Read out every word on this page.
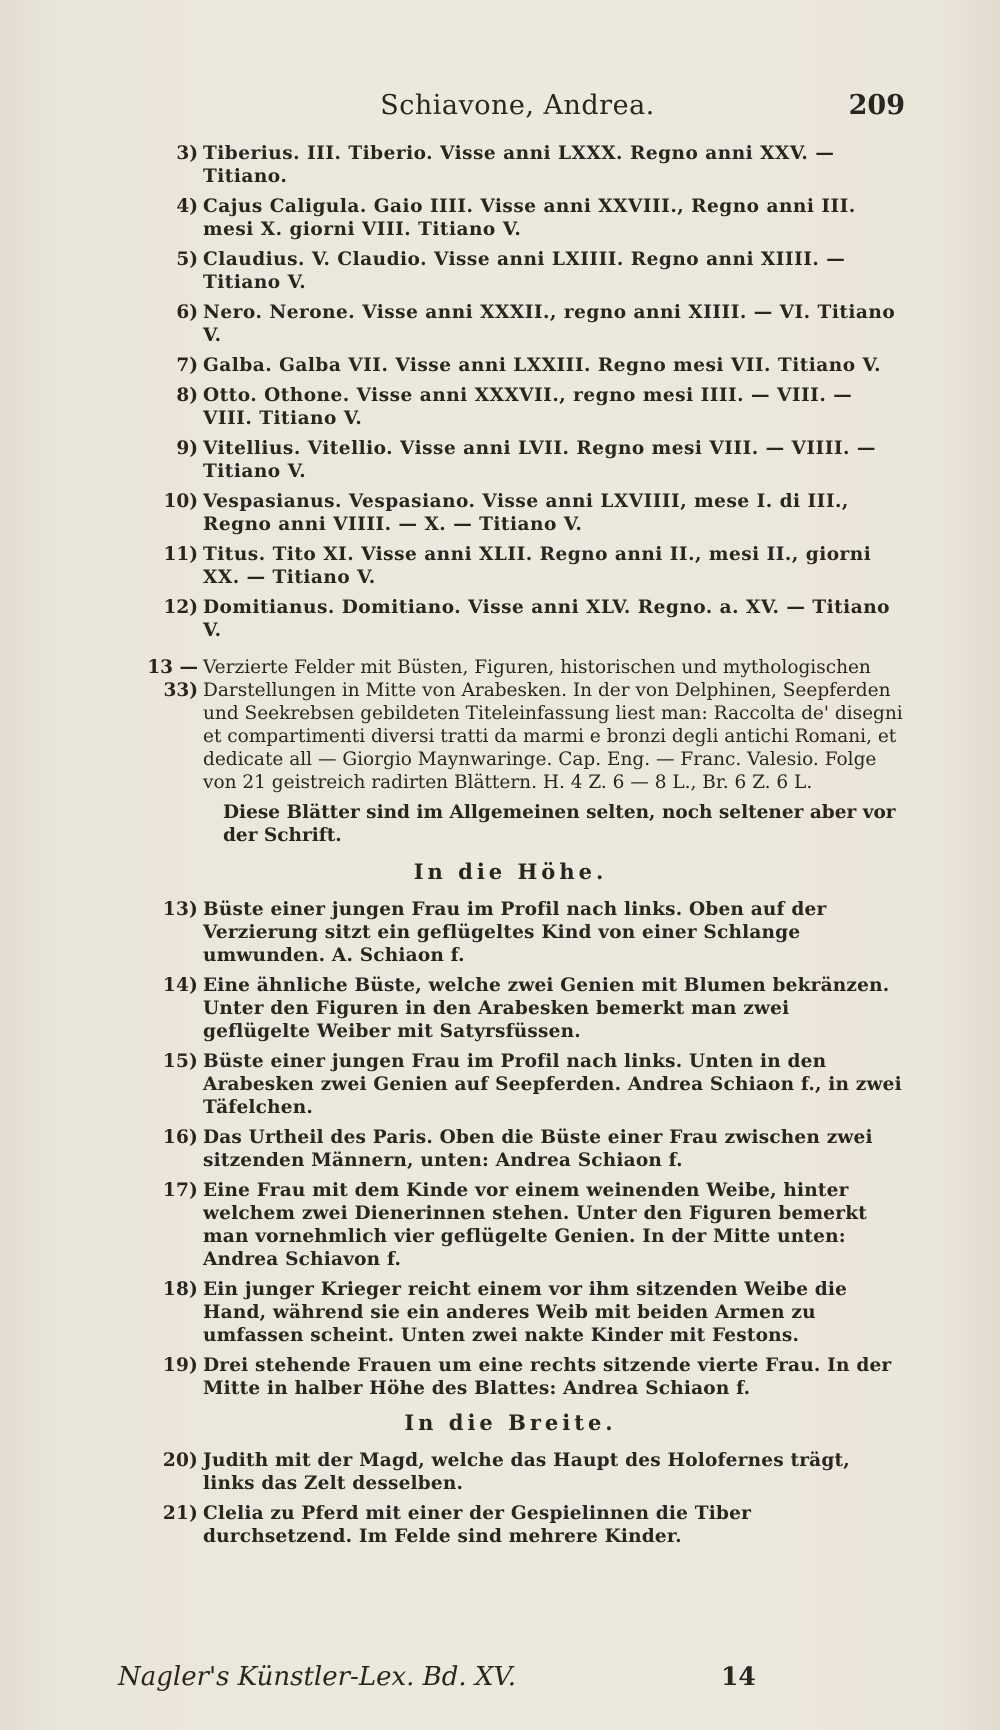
Schiavone, Andrea.	209
3) Tiberius. III. Tiberio. Visse anni LXXX. Regno anni XXV. — Titiano.
4) Cajus Caligula. Gaio IIII. Visse anni XXVIII., Regno anni III. mesi X. giorni VIII. Titiano V.
5) Claudius. V. Claudio. Visse anni LXIIII. Regno anni XIIII. — Titiano V.
6) Nero. Nerone. Visse anni XXXII., regno anni XIIII. — VI. Titiano V.
7) Galba. Galba VII. Visse anni LXXIII. Regno mesi VII. Titiano V.
8) Otto. Othone. Visse anni XXXVII., regno mesi IIII. — VIII. — VIII. Titiano V.
9) Vitellius. Vitellio. Visse anni LVII. Regno mesi VIII. — VIIII. — Titiano V.
10) Vespasianus. Vespasiano. Visse anni LXVIIII, mese I. di III., Regno anni VIIII. — X. — Titiano V.
11) Titus. Tito XI. Visse anni XLII. Regno anni II., mesi II., giorni XX. — Titiano V.
12) Domitianus. Domitiano. Visse anni XLV. Regno. a. XV. — Titiano V.
13 — 33)
Verzierte Felder mit Büsten, Figuren, historischen und mythologischen Darstellungen in Mitte von Arabesken. In der von Delphinen, Seepferden und Seekrebsen gebildeten Titeleinfassung liest man: Raccolta de' disegni et compartimenti diversi tratti da marmi e bronzi degli antichi Romani, et dedicate all — Giorgio Maynwaringe. Cap. Eng. — Franc. Valesio. Folge von 21 geistreich radirten Blättern. H. 4 Z. 6 — 8 L., Br. 6 Z. 6 L.
Diese Blätter sind im Allgemeinen selten, noch seltener aber vor der Schrift.
In die Höhe.
13) Büste einer jungen Frau im Profil nach links. Oben auf der Verzierung sitzt ein geflügeltes Kind von einer Schlange umwunden. A. Schiaon f.
14) Eine ähnliche Büste, welche zwei Genien mit Blumen bekränzen. Unter den Figuren in den Arabesken bemerkt man zwei geflügelte Weiber mit Satyrsfüssen.
15) Büste einer jungen Frau im Profil nach links. Unten in den Arabesken zwei Genien auf Seepferden. Andrea Schiaon f., in zwei Täfelchen.
16) Das Urtheil des Paris. Oben die Büste einer Frau zwischen zwei sitzenden Männern, unten: Andrea Schiaon f.
17) Eine Frau mit dem Kinde vor einem weinenden Weibe, hinter welchem zwei Dienerinnen stehen. Unter den Figuren bemerkt man vornehmlich vier geflügelte Genien. In der Mitte unten: Andrea Schiavon f.
18) Ein junger Krieger reicht einem vor ihm sitzenden Weibe die Hand, während sie ein anderes Weib mit beiden Armen zu umfassen scheint. Unten zwei nakte Kinder mit Festons.
19) Drei stehende Frauen um eine rechts sitzende vierte Frau. In der Mitte in halber Höhe des Blattes: Andrea Schiaon f.
In die Breite.
20) Judith mit der Magd, welche das Haupt des Holofernes trägt, links das Zelt desselben.
21) Clelia zu Pferd mit einer der Gespielinnen die Tiber durchsetzend. Im Felde sind mehrere Kinder.
Nagler's Künstler-Lex. Bd. XV.	14
